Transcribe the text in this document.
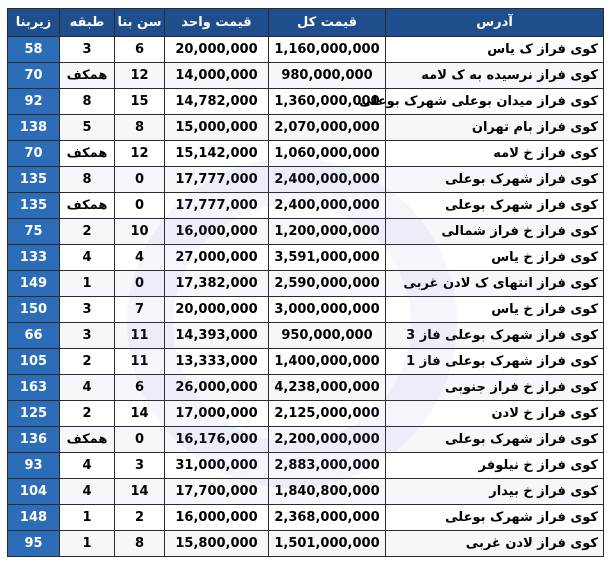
زیربنا	طبقه	سن بنا	قیمت واحد	قیمت کل	آدرس
58	3	6	20,000,000	1,160,000,000	کوی فراز ک یاس
70	همکف	12	14,000,000	980,000,000	کوی فراز نرسیده به ک لامه
92	8	15	14,782,000	1,360,000,000	کوی فراز میدان بوعلی شهرک بوعلی
138	5	8	15,000,000	2,070,000,000	کوی فراز بام تهران
70	همکف	12	15,142,000	1,060,000,000	کوی فراز خ لامه
135	8	0	17,777,000	2,400,000,000	کوی فراز شهرک بوعلی
135	همکف	0	17,777,000	2,400,000,000	کوی فراز شهرک بوعلی
75	2	10	16,000,000	1,200,000,000	کوی فراز خ فراز شمالی
133	4	4	27,000,000	3,591,000,000	کوی فراز خ یاس
149	1	0	17,382,000	2,590,000,000	کوی فراز انتهای ک لادن غربی
150	3	7	20,000,000	3,000,000,000	کوی فراز خ یاس
66	3	11	14,393,000	950,000,000	کوی فراز شهرک بوعلی فاز 3
105	2	11	13,333,000	1,400,000,000	کوی فراز شهرک بوعلی فاز 1
163	4	6	26,000,000	4,238,000,000	کوی فراز خ فراز جنوبی
125	2	14	17,000,000	2,125,000,000	کوی فراز خ لادن
136	همکف	0	16,176,000	2,200,000,000	کوی فراز شهرک بوعلی
93	4	3	31,000,000	2,883,000,000	کوی فراز خ نیلوفر
104	4	14	17,700,000	1,840,800,000	کوی فراز خ بیدار
148	1	2	16,000,000	2,368,000,000	کوی فراز شهرک بوعلی
95	1	8	15,800,000	1,501,000,000	کوی فراز لادن غربی
